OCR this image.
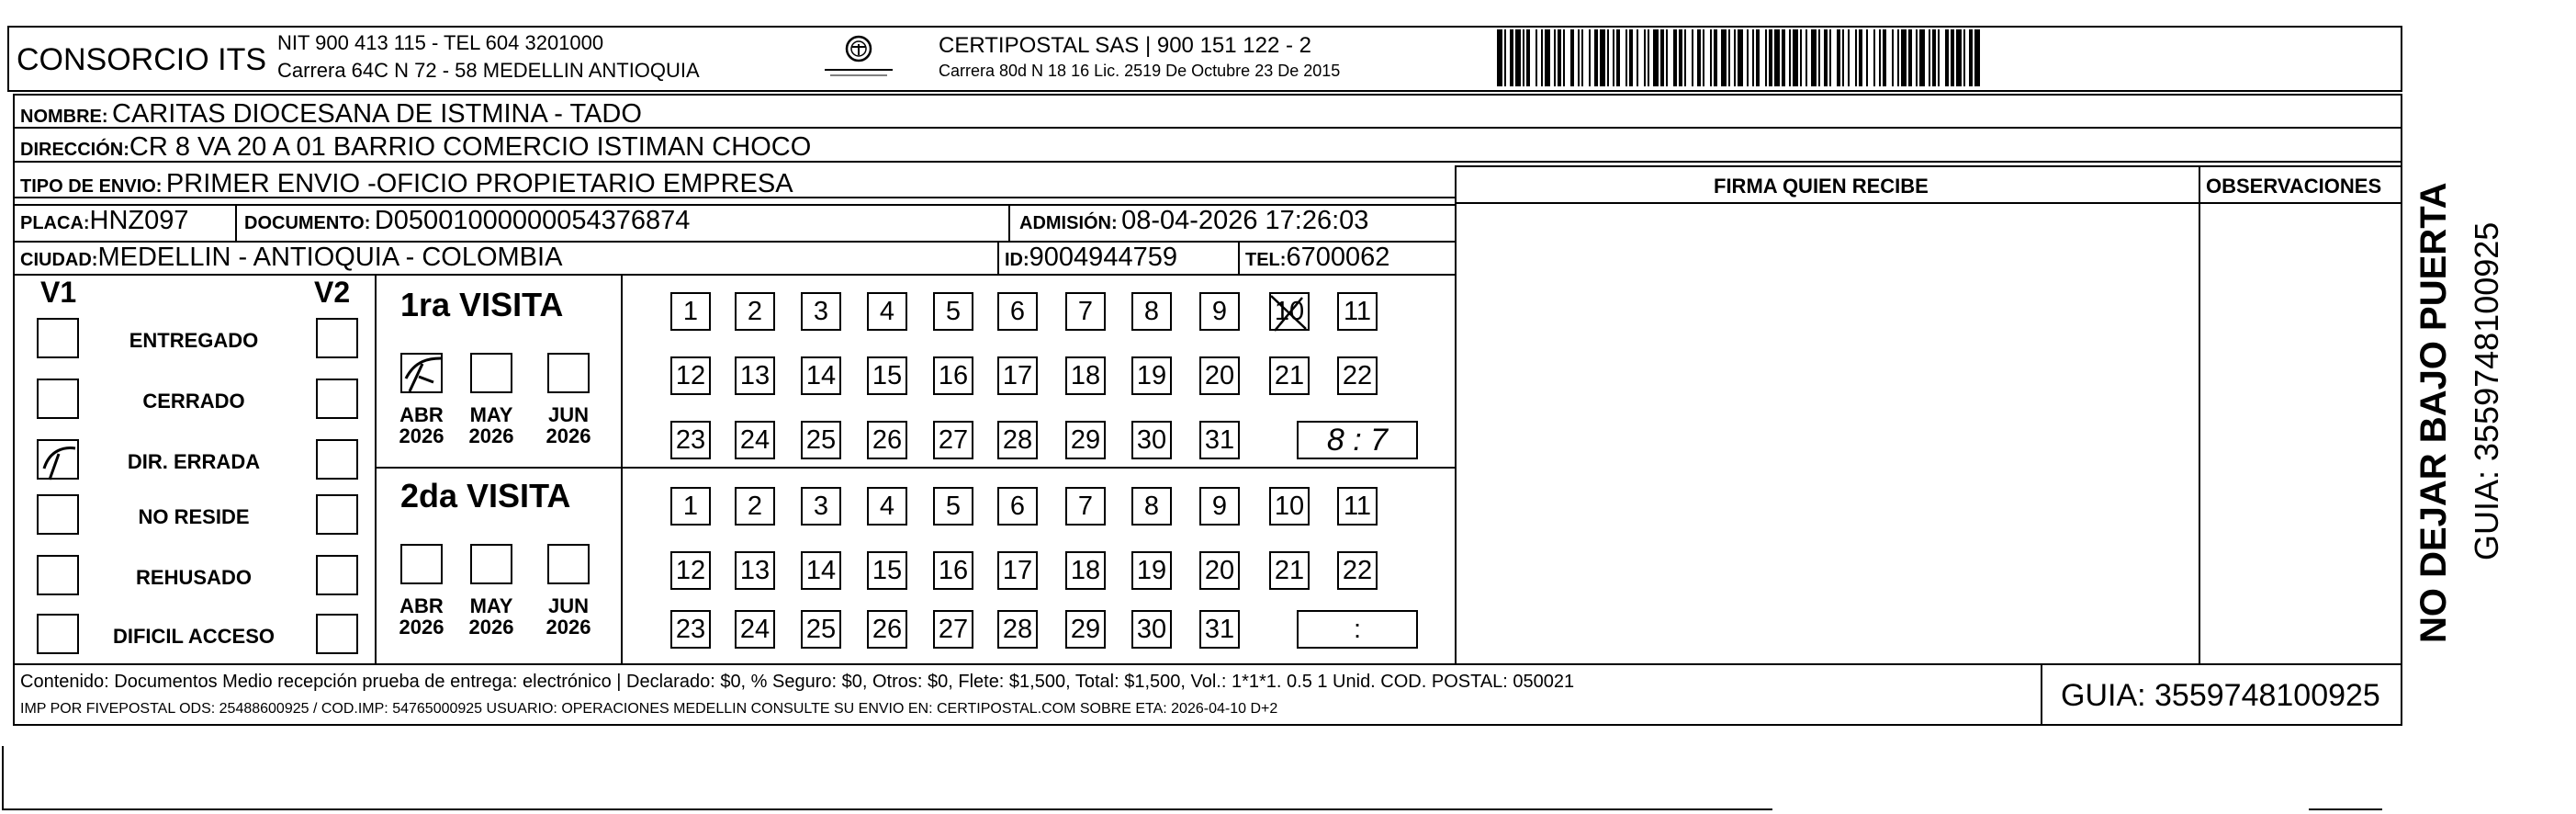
CONSORCIO ITS NIT 900 413 115 - TEL 604 3201000
Carrera 64C N 72 - 58 MEDELLIN ANTIOQUIA
CERTIPOSTAL SAS | 900 151 122 - 2
Carrera 80d N 18 16 Lic. 2519 De Octubre 23 De 2015
NOMBRE: CARITAS DIOCESANA DE ISTMINA - TADO
DIRECCIÓN:CR 8 VA 20 A 01 BARRIO COMERCIO ISTIMAN CHOCO
TIPO DE ENVIO: PRIMER ENVIO -OFICIO PROPIETARIO EMPRESA	FIRMA QUIEN RECIBE	OBSERVACIONES
PLACA:HNZ097	DOCUMENTO: D050010000000543768​74	ADMISIÓN: 08-04-2026 17:26:03
CIUDAD:MEDELLIN - ANTIOQUIA - COLOMBIA	ID:9004944759	TEL:6700062
V1	V2
ENTREGADO
CERRADO
DIR. ERRADA
NO RESIDE
REHUSADO
DIFICIL ACCESO
1ra VISITA
2da VISITA
ABR
2026
MAY
2026
JUN
2026
ABR
2026
MAY
2026
JUN
2026
1 2 3 4 5 6 7 8 9 10 11
12 13 14 15 16 17 18 19 20 21 22
23 24 25 26 27 28 29 30 31	8 : 7
1 2 3 4 5 6 7 8 9 10 11
12 13 14 15 16 17 18 19 20 21 22
23 24 25 26 27 28 29 30 31	:
Contenido: Documentos Medio recepción prueba de entrega: electrónico | Declarado: $0, % Seguro: $0, Otros: $0, Flete: $1,500, Total: $1,500, Vol.: 1*1*1. 0.5 1 Unid. COD. POSTAL: 050021
IMP POR FIVEPOSTAL ODS: 25488600925 / COD.IMP: 54765000925 USUARIO: OPERACIONES MEDELLIN CONSULTE SU ENVIO EN: CERTIPOSTAL.COM SOBRE ETA: 2026-04-10 D+2	GUIA: 3559748100925
NO DEJAR BAJO PUERTA GUIA: 3559748100925
